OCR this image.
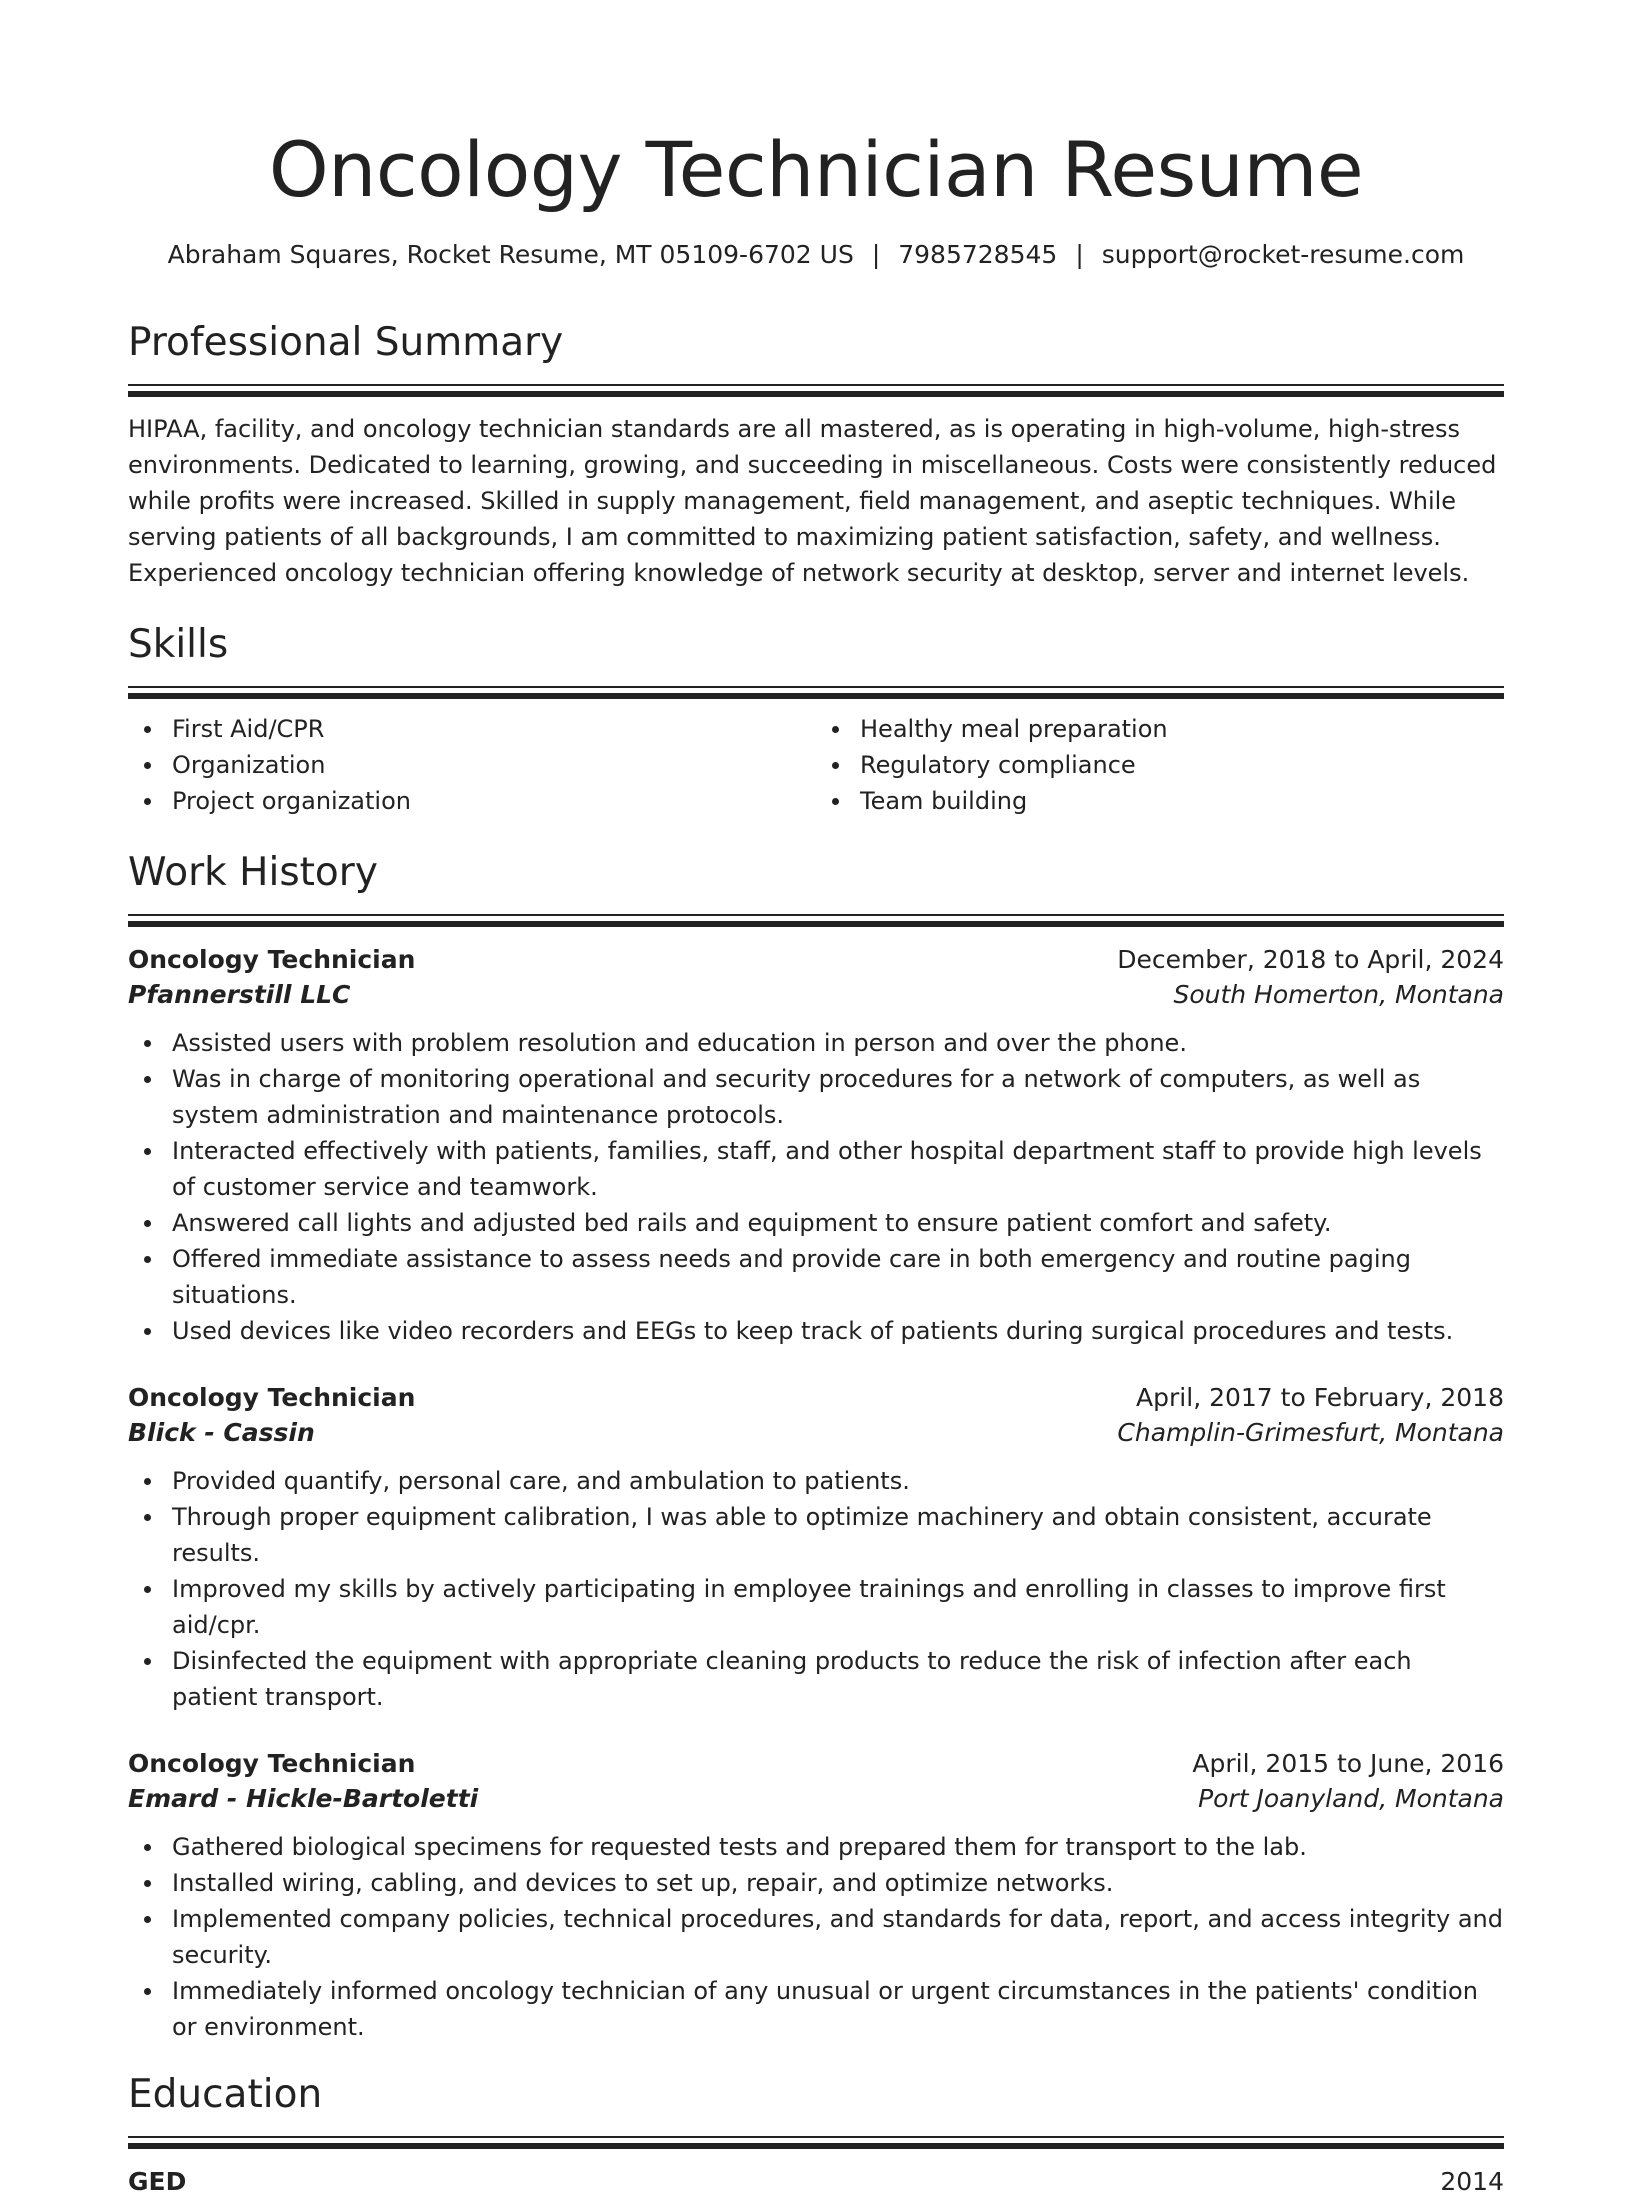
Oncology Technician Resume
Abraham Squares, Rocket Resume, MT 05109-6702 US | 7985728545 | support@rocket-resume.com
Professional Summary

HIPAA, facility, and oncology technician standards are all mastered, as is operating in high-volume, high-stress environments. Dedicated to learning, growing, and succeeding in miscellaneous. Costs were consistently reduced while profits were increased. Skilled in supply management, field management, and aseptic techniques. While serving patients of all backgrounds, I am committed to maximizing patient satisfaction, safety, and wellness. Experienced oncology technician offering knowledge of network security at desktop, server and internet levels.

Skills
First Aid/CPR
Organization
Project organization
Healthy meal preparation
Regulatory compliance
Team building
Work History
Oncology Technician	December, 2018 to April, 2024
Pfannerstill LLC	South Homerton, Montana
Assisted users with problem resolution and education in person and over the phone.
Was in charge of monitoring operational and security procedures for a network of computers, as well as system administration and maintenance protocols.
Interacted effectively with patients, families, staff, and other hospital department staff to provide high levels of customer service and teamwork.
Answered call lights and adjusted bed rails and equipment to ensure patient comfort and safety.
Offered immediate assistance to assess needs and provide care in both emergency and routine paging situations.
Used devices like video recorders and EEGs to keep track of patients during surgical procedures and tests.
Oncology Technician	April, 2017 to February, 2018
Blick - Cassin	Champlin-Grimesfurt, Montana
Provided quantify, personal care, and ambulation to patients.
Through proper equipment calibration, I was able to optimize machinery and obtain consistent, accurate results.
Improved my skills by actively participating in employee trainings and enrolling in classes to improve first aid/cpr.
Disinfected the equipment with appropriate cleaning products to reduce the risk of infection after each patient transport.
Oncology Technician	April, 2015 to June, 2016
Emard - Hickle-Bartoletti	Port Joanyland, Montana
Gathered biological specimens for requested tests and prepared them for transport to the lab.
Installed wiring, cabling, and devices to set up, repair, and optimize networks.
Implemented company policies, technical procedures, and standards for data, report, and access integrity and security.
Immediately informed oncology technician of any unusual or urgent circumstances in the patients' condition or environment.
Education
GED	2014
